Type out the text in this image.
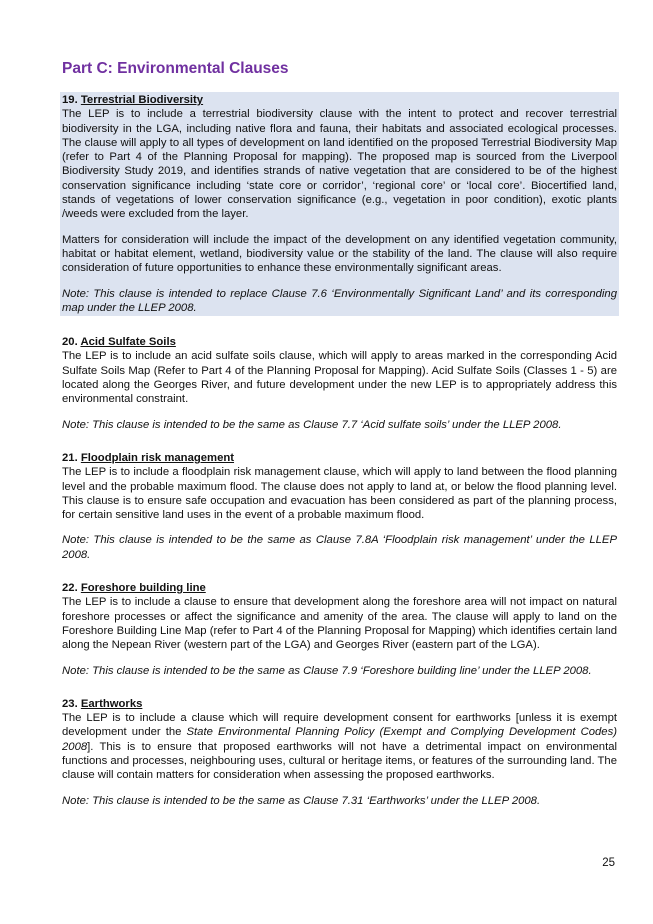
Part C: Environmental Clauses

19. Terrestrial Biodiversity

The LEP is to include a terrestrial biodiversity clause with the intent to protect and recover terrestrial biodiversity in the LGA, including native flora and fauna, their habitats and associated ecological processes. The clause will apply to all types of development on land identified on the proposed Terrestrial Biodiversity Map (refer to Part 4 of the Planning Proposal for mapping). The proposed map is sourced from the Liverpool Biodiversity Study 2019, and identifies strands of native vegetation that are considered to be of the highest conservation significance including ‘state core or corridor’, ‘regional core’ or ‘local core’. Biocertified land, stands of vegetations of lower conservation significance (e.g., vegetation in poor condition), exotic plants /weeds were excluded from the layer.

Matters for consideration will include the impact of the development on any identified vegetation community, habitat or habitat element, wetland, biodiversity value or the stability of the land. The clause will also require consideration of future opportunities to enhance these environmentally significant areas.

Note: This clause is intended to replace Clause 7.6 ‘Environmentally Significant Land’ and its corresponding map under the LLEP 2008.

20. Acid Sulfate Soils

The LEP is to include an acid sulfate soils clause, which will apply to areas marked in the corresponding Acid Sulfate Soils Map (Refer to Part 4 of the Planning Proposal for Mapping). Acid Sulfate Soils (Classes 1 - 5) are located along the Georges River, and future development under the new LEP is to appropriately address this environmental constraint.

Note: This clause is intended to be the same as Clause 7.7 ‘Acid sulfate soils’ under the LLEP 2008.

21. Floodplain risk management

The LEP is to include a floodplain risk management clause, which will apply to land between the flood planning level and the probable maximum flood. The clause does not apply to land at, or below the flood planning level. This clause is to ensure safe occupation and evacuation has been considered as part of the planning process, for certain sensitive land uses in the event of a probable maximum flood.

Note: This clause is intended to be the same as Clause 7.8A ‘Floodplain risk management’ under the LLEP 2008.

22. Foreshore building line

The LEP is to include a clause to ensure that development along the foreshore area will not impact on natural foreshore processes or affect the significance and amenity of the area. The clause will apply to land on the Foreshore Building Line Map (refer to Part 4 of the Planning Proposal for Mapping) which identifies certain land along the Nepean River (western part of the LGA) and Georges River (eastern part of the LGA).

Note: This clause is intended to be the same as Clause 7.9 ‘Foreshore building line’ under the LLEP 2008.

23. Earthworks

The LEP is to include a clause which will require development consent for earthworks [unless it is exempt development under the State Environmental Planning Policy (Exempt and Complying Development Codes) 2008]. This is to ensure that proposed earthworks will not have a detrimental impact on environmental functions and processes, neighbouring uses, cultural or heritage items, or features of the surrounding land. The clause will contain matters for consideration when assessing the proposed earthworks.

Note: This clause is intended to be the same as Clause 7.31 ‘Earthworks’ under the LLEP 2008.

25
